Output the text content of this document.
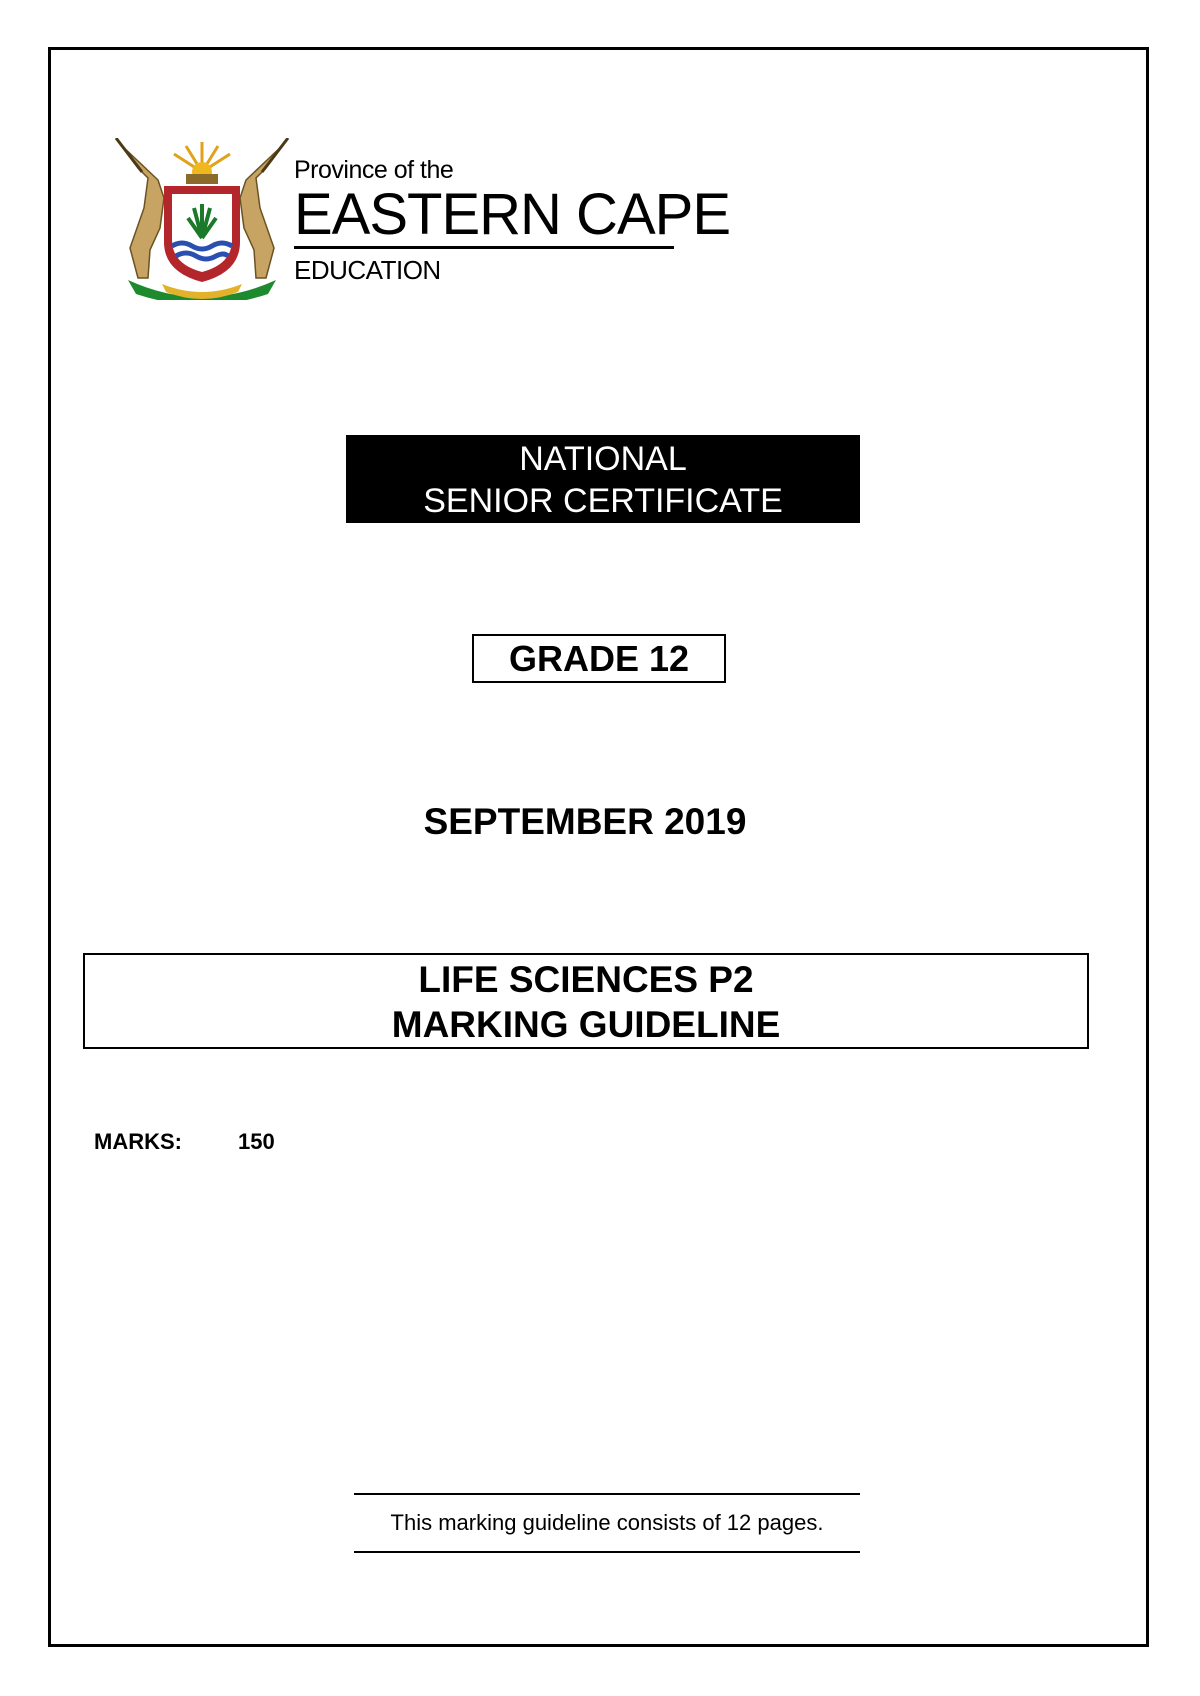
Province of the
EASTERN CAPE
EDUCATION
NATIONAL
SENIOR CERTIFICATE
GRADE 12
SEPTEMBER 2019
LIFE SCIENCES P2
MARKING GUIDELINE
MARKS:	150
This marking guideline consists of 12 pages.
